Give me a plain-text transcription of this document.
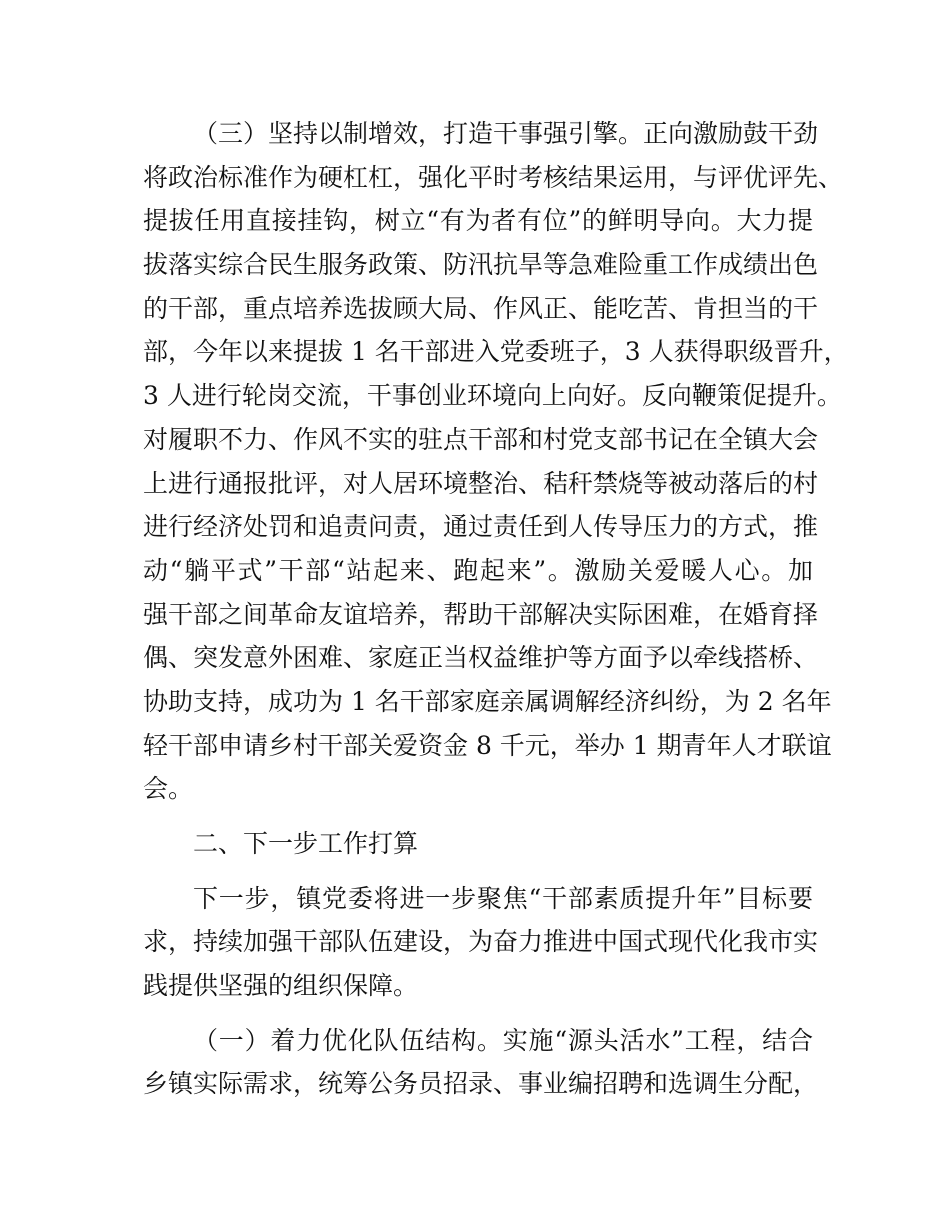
（三）坚持以制增效，打造干事强引擎。正向激励鼓干劲
将政治标准作为硬杠杠，强化平时考核结果运用，与评优评先、
提拔任用直接挂钩，树立“有为者有位”的鲜明导向。大力提
拔落实综合民生服务政策、防汛抗旱等急难险重工作成绩出色
的干部，重点培养选拔顾大局、作风正、能吃苦、肯担当的干
部，今年以来提拔 1 名干部进入党委班子，3 人获得职级晋升，
3 人进行轮岗交流，干事创业环境向上向好。反向鞭策促提升。
对履职不力、作风不实的驻点干部和村党支部书记在全镇大会
上进行通报批评，对人居环境整治、秸秆禁烧等被动落后的村
进行经济处罚和追责问责，通过责任到人传导压力的方式，推
动“躺平式”干部“站起来、跑起来”。激励关爱暖人心。加
强干部之间革命友谊培养，帮助干部解决实际困难，在婚育择
偶、突发意外困难、家庭正当权益维护等方面予以牵线搭桥、
协助支持，成功为 1 名干部家庭亲属调解经济纠纷，为 2 名年
轻干部申请乡村干部关爱资金 8 千元，举办 1 期青年人才联谊
会。
二、下一步工作打算
下一步，镇党委将进一步聚焦“干部素质提升年”目标要
求，持续加强干部队伍建设，为奋力推进中国式现代化我市实
践提供坚强的组织保障。
（一）着力优化队伍结构。实施“源头活水”工程，结合
乡镇实际需求，统筹公务员招录、事业编招聘和选调生分配，
